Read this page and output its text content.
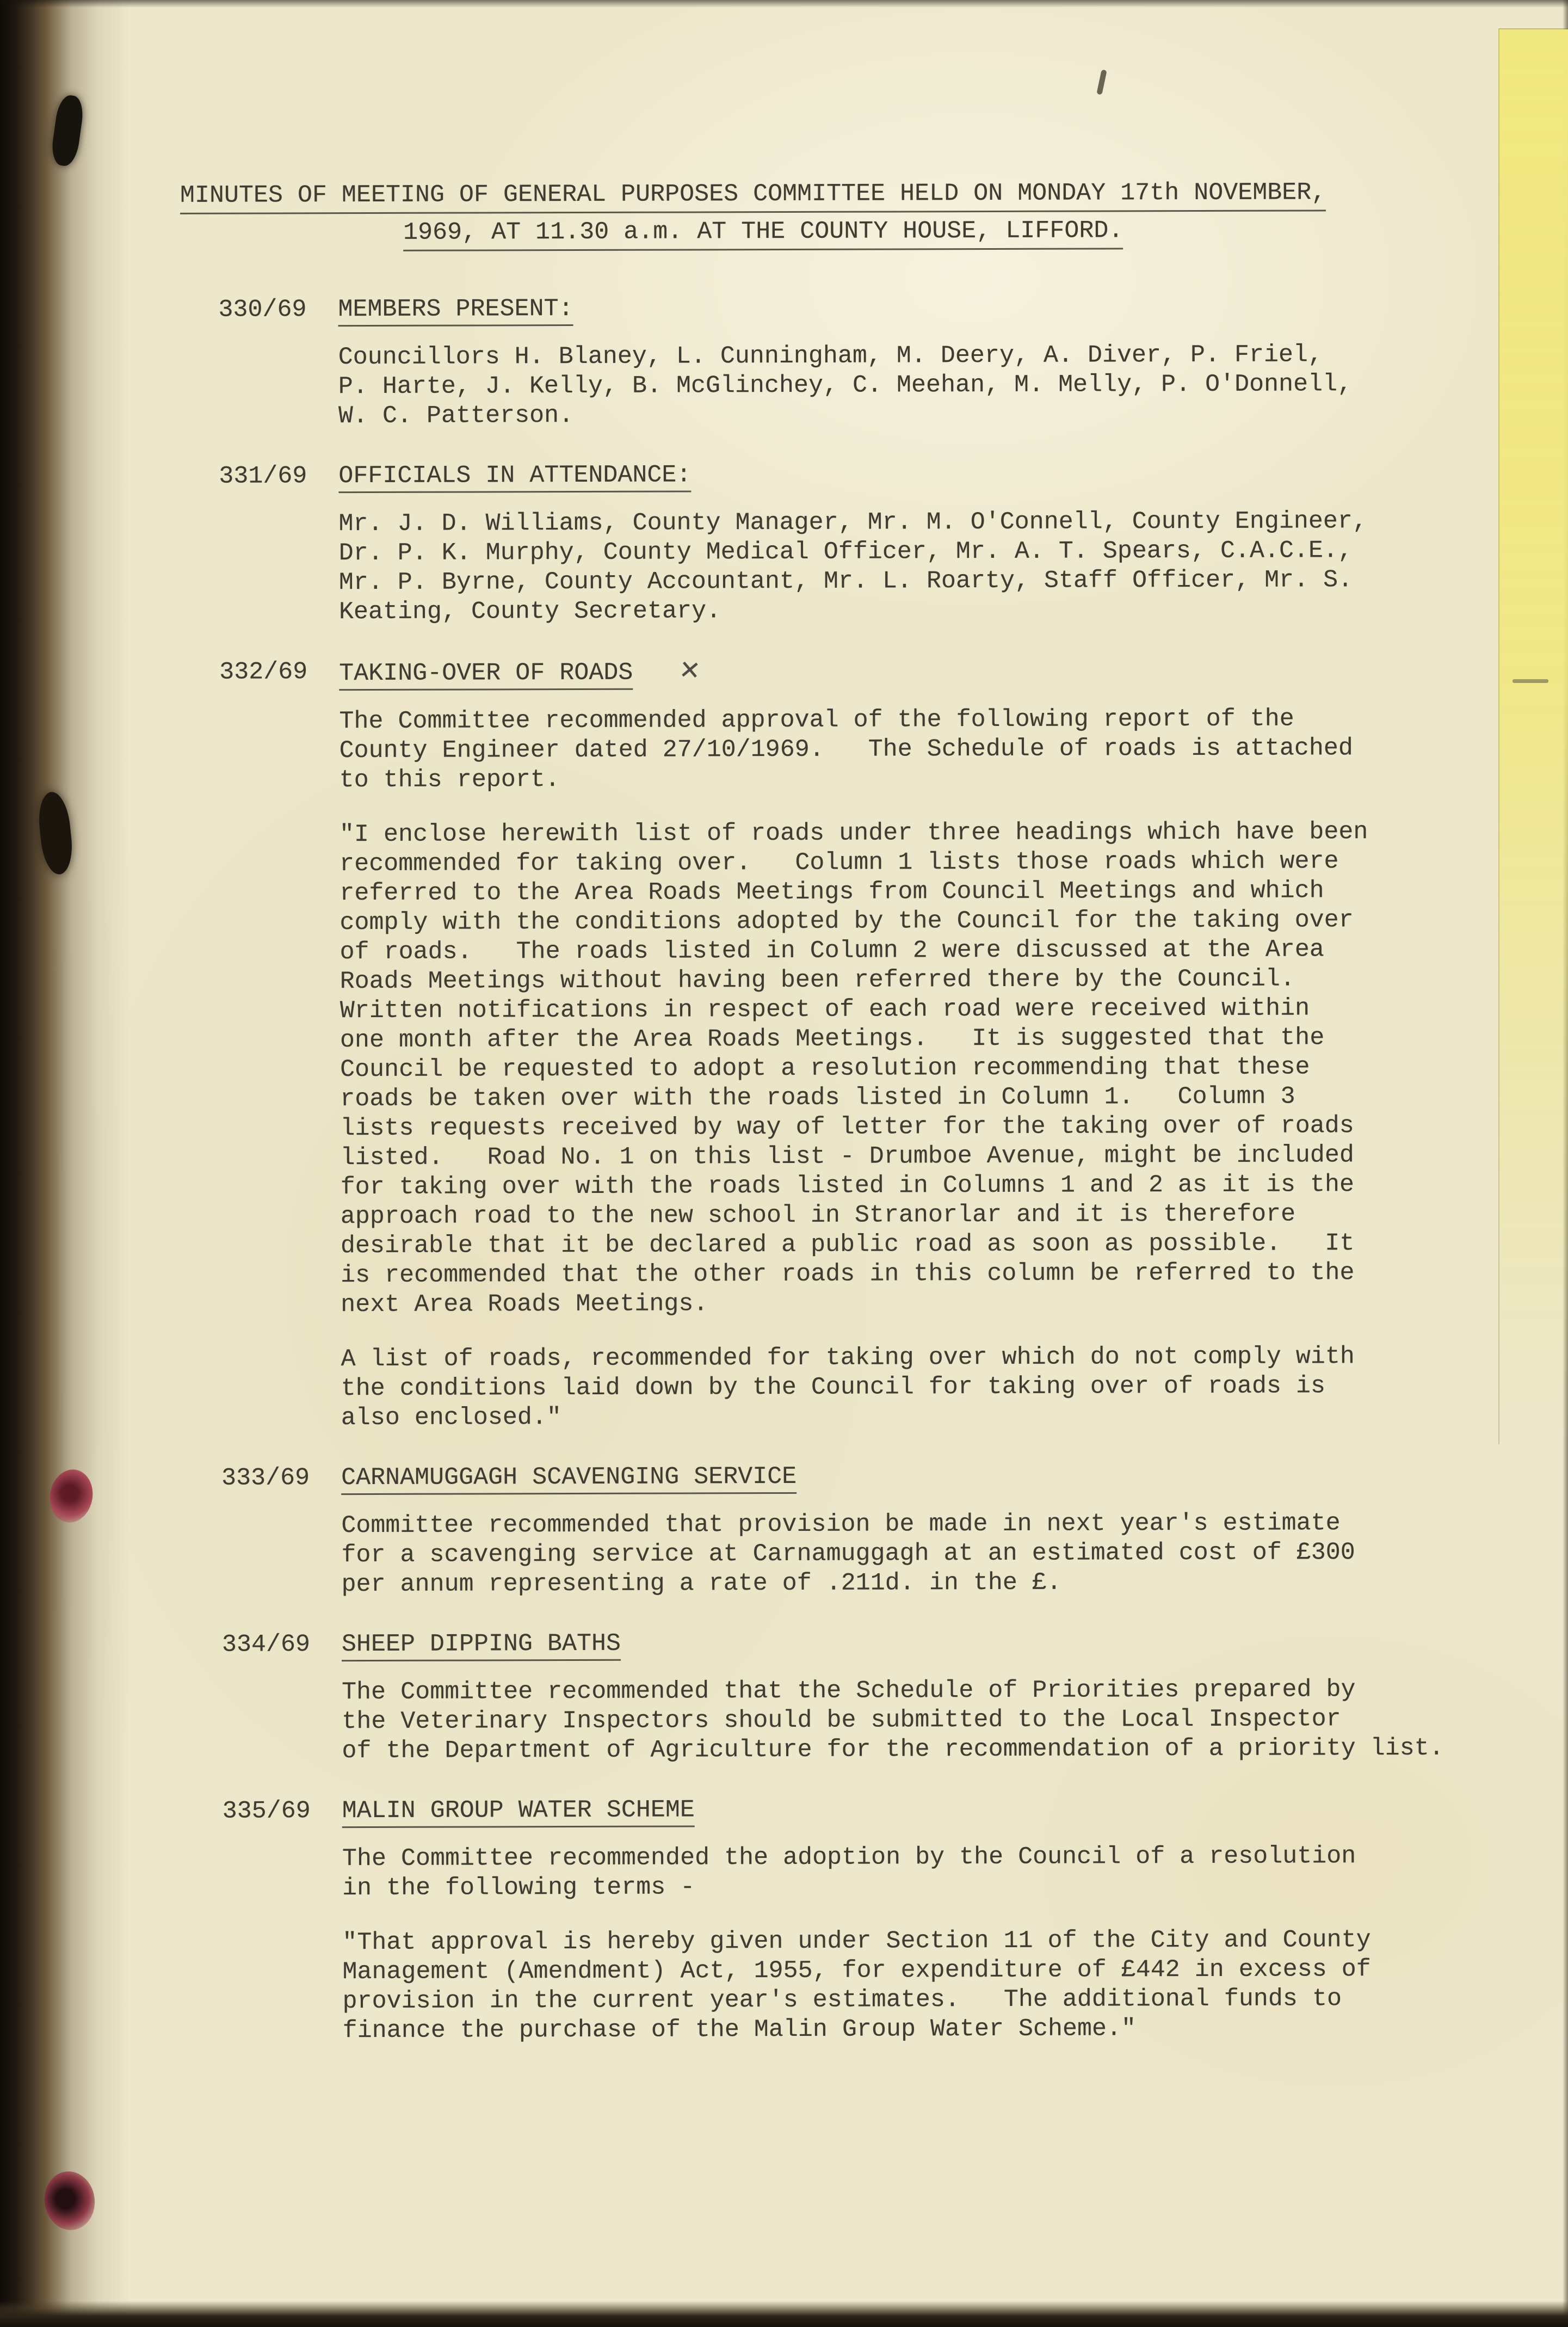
MINUTES OF MEETING OF GENERAL PURPOSES COMMITTEE HELD ON MONDAY 17th NOVEMBER,
1969, AT 11.30 a.m. AT THE COUNTY HOUSE, LIFFORD.
330/69	MEMBERS PRESENT:
Councillors H. Blaney, L. Cunningham, M. Deery, A. Diver, P. Friel,
P. Harte, J. Kelly, B. McGlinchey, C. Meehan, M. Melly, P. O'Donnell,
W. C. Patterson.
331/69	OFFICIALS IN ATTENDANCE:
Mr. J. D. Williams, County Manager, Mr. M. O'Connell, County Engineer,
Dr. P. K. Murphy, County Medical Officer, Mr. A. T. Spears, C.A.C.E.,
Mr. P. Byrne, County Accountant, Mr. L. Roarty, Staff Officer, Mr. S.
Keating, County Secretary.
332/69	TAKING-OVER OF ROADS ✕
The Committee recommended approval of the following report of the
County Engineer dated 27/10/1969.   The Schedule of roads is attached
to this report.
"I enclose herewith list of roads under three headings which have been
recommended for taking over.   Column 1 lists those roads which were
referred to the Area Roads Meetings from Council Meetings and which
comply with the conditions adopted by the Council for the taking over
of roads.   The roads listed in Column 2 were discussed at the Area
Roads Meetings without having been referred there by the Council.
Written notifications in respect of each road were received within
one month after the Area Roads Meetings.   It is suggested that the
Council be requested to adopt a resolution recommending that these
roads be taken over with the roads listed in Column 1.   Column 3
lists requests received by way of letter for the taking over of roads
listed.   Road No. 1 on this list - Drumboe Avenue, might be included
for taking over with the roads listed in Columns 1 and 2 as it is the
approach road to the new school in Stranorlar and it is therefore
desirable that it be declared a public road as soon as possible.   It
is recommended that the other roads in this column be referred to the
next Area Roads Meetings.
A list of roads, recommended for taking over which do not comply with
the conditions laid down by the Council for taking over of roads is
also enclosed."
333/69	CARNAMUGGAGH SCAVENGING SERVICE
Committee recommended that provision be made in next year's estimate
for a scavenging service at Carnamuggagh at an estimated cost of £300
per annum representing a rate of .211d. in the £.
334/69	SHEEP DIPPING BATHS
The Committee recommended that the Schedule of Priorities prepared by
the Veterinary Inspectors should be submitted to the Local Inspector
of the Department of Agriculture for the recommendation of a priority list.
335/69	MALIN GROUP WATER SCHEME
The Committee recommended the adoption by the Council of a resolution
in the following terms -
"That approval is hereby given under Section 11 of the City and County
Management (Amendment) Act, 1955, for expenditure of £442 in excess of
provision in the current year's estimates.   The additional funds to
finance the purchase of the Malin Group Water Scheme."
